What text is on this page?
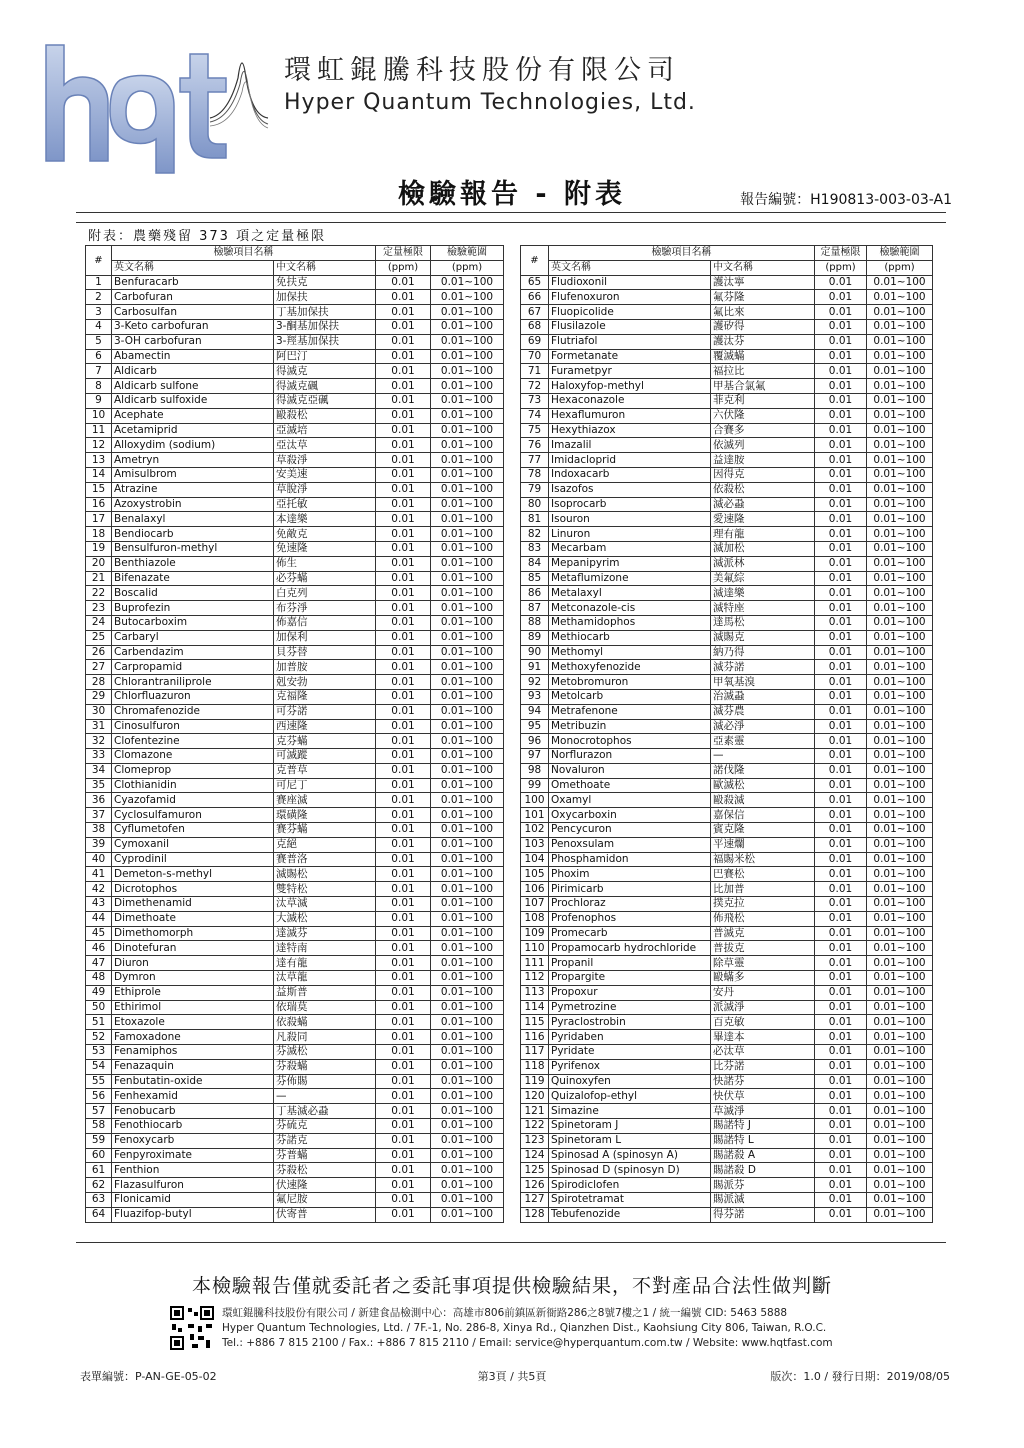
環虹錕騰科技股份有限公司
Hyper Quantum Technologies, Ltd.
檢驗報告 - 附表	報告編號：H190813-003-03-A1
附表：農藥殘留 373 項之定量極限
#	檢驗項目名稱		定量極限	檢驗範圍
	英文名稱	中文名稱	(ppm)	(ppm)
1	Benfuracarb	免扶克	0.01	0.01~100
2	Carbofuran	加保扶	0.01	0.01~100
3	Carbosulfan	丁基加保扶	0.01	0.01~100
4	3-Keto carbofuran	3-酮基加保扶	0.01	0.01~100
5	3-OH carbofuran	3-羥基加保扶	0.01	0.01~100
6	Abamectin	阿巴汀	0.01	0.01~100
7	Aldicarb	得滅克	0.01	0.01~100
8	Aldicarb sulfone	得滅克碸	0.01	0.01~100
9	Aldicarb sulfoxide	得滅克亞碸	0.01	0.01~100
10	Acephate	毆殺松	0.01	0.01~100
11	Acetamiprid	亞滅培	0.01	0.01~100
12	Alloxydim (sodium)	亞汰草	0.01	0.01~100
13	Ametryn	草殺淨	0.01	0.01~100
14	Amisulbrom	安美速	0.01	0.01~100
15	Atrazine	草脫淨	0.01	0.01~100
16	Azoxystrobin	亞托敏	0.01	0.01~100
17	Benalaxyl	本達樂	0.01	0.01~100
18	Bendiocarb	免敵克	0.01	0.01~100
19	Bensulfuron-methyl	免速隆	0.01	0.01~100
20	Benthiazole	佈生	0.01	0.01~100
21	Bifenazate	必芬蟎	0.01	0.01~100
22	Boscalid	白克列	0.01	0.01~100
23	Buprofezin	布芬淨	0.01	0.01~100
24	Butocarboxim	佈嘉信	0.01	0.01~100
25	Carbaryl	加保利	0.01	0.01~100
26	Carbendazim	貝芬替	0.01	0.01~100
27	Carpropamid	加普胺	0.01	0.01~100
28	Chlorantraniliprole	剋安勃	0.01	0.01~100
29	Chlorfluazuron	克福隆	0.01	0.01~100
30	Chromafenozide	可芬諾	0.01	0.01~100
31	Cinosulfuron	西速隆	0.01	0.01~100
32	Clofentezine	克芬蟎	0.01	0.01~100
33	Clomazone	可滅蹤	0.01	0.01~100
34	Clomeprop	克普草	0.01	0.01~100
35	Clothianidin	可尼丁	0.01	0.01~100
36	Cyazofamid	賽座滅	0.01	0.01~100
37	Cyclosulfamuron	環磺隆	0.01	0.01~100
38	Cyflumetofen	賽芬蟎	0.01	0.01~100
39	Cymoxanil	克絕	0.01	0.01~100
40	Cyprodinil	賽普洛	0.01	0.01~100
41	Demeton-s-methyl	滅賜松	0.01	0.01~100
42	Dicrotophos	雙特松	0.01	0.01~100
43	Dimethenamid	汰草滅	0.01	0.01~100
44	Dimethoate	大滅松	0.01	0.01~100
45	Dimethomorph	達滅芬	0.01	0.01~100
46	Dinotefuran	達特南	0.01	0.01~100
47	Diuron	達有龍	0.01	0.01~100
48	Dymron	汰草龍	0.01	0.01~100
49	Ethiprole	益斯普	0.01	0.01~100
50	Ethirimol	依瑞莫	0.01	0.01~100
51	Etoxazole	依殺蟎	0.01	0.01~100
52	Famoxadone	凡殺同	0.01	0.01~100
53	Fenamiphos	芬滅松	0.01	0.01~100
54	Fenazaquin	芬殺蟎	0.01	0.01~100
55	Fenbutatin-oxide	芬佈賜	0.01	0.01~100
56	Fenhexamid	—	0.01	0.01~100
57	Fenobucarb	丁基滅必蝨	0.01	0.01~100
58	Fenothiocarb	芬硫克	0.01	0.01~100
59	Fenoxycarb	芬諾克	0.01	0.01~100
60	Fenpyroximate	芬普蟎	0.01	0.01~100
61	Fenthion	芬殺松	0.01	0.01~100
62	Flazasulfuron	伏速隆	0.01	0.01~100
63	Flonicamid	氟尼胺	0.01	0.01~100
64	Fluazifop-butyl	伏寄普	0.01	0.01~100
#	檢驗項目名稱		定量極限	檢驗範圍
	英文名稱	中文名稱	(ppm)	(ppm)
65	Fludioxonil	護汰寧	0.01	0.01~100
66	Flufenoxuron	氟芬隆	0.01	0.01~100
67	Fluopicolide	氟比來	0.01	0.01~100
68	Flusilazole	護矽得	0.01	0.01~100
69	Flutriafol	護汰芬	0.01	0.01~100
70	Formetanate	覆滅蟎	0.01	0.01~100
71	Furametpyr	福拉比	0.01	0.01~100
72	Haloxyfop-methyl	甲基合氯氟	0.01	0.01~100
73	Hexaconazole	菲克利	0.01	0.01~100
74	Hexaflumuron	六伏隆	0.01	0.01~100
75	Hexythiazox	合賽多	0.01	0.01~100
76	Imazalil	依滅列	0.01	0.01~100
77	Imidacloprid	益達胺	0.01	0.01~100
78	Indoxacarb	因得克	0.01	0.01~100
79	Isazofos	依殺松	0.01	0.01~100
80	Isoprocarb	滅必蝨	0.01	0.01~100
81	Isouron	愛速隆	0.01	0.01~100
82	Linuron	理有龍	0.01	0.01~100
83	Mecarbam	滅加松	0.01	0.01~100
84	Mepanipyrim	滅派林	0.01	0.01~100
85	Metaflumizone	美氟綜	0.01	0.01~100
86	Metalaxyl	滅達樂	0.01	0.01~100
87	Metconazole-cis	滅特座	0.01	0.01~100
88	Methamidophos	達馬松	0.01	0.01~100
89	Methiocarb	滅賜克	0.01	0.01~100
90	Methomyl	納乃得	0.01	0.01~100
91	Methoxyfenozide	滅芬諾	0.01	0.01~100
92	Metobromuron	甲氧基溴	0.01	0.01~100
93	Metolcarb	治滅蝨	0.01	0.01~100
94	Metrafenone	滅芬農	0.01	0.01~100
95	Metribuzin	滅必淨	0.01	0.01~100
96	Monocrotophos	亞素靈	0.01	0.01~100
97	Norflurazon	—	0.01	0.01~100
98	Novaluron	諾伐隆	0.01	0.01~100
99	Omethoate	歐滅松	0.01	0.01~100
100	Oxamyl	毆殺滅	0.01	0.01~100
101	Oxycarboxin	嘉保信	0.01	0.01~100
102	Pencycuron	賓克隆	0.01	0.01~100
103	Penoxsulam	平速爛	0.01	0.01~100
104	Phosphamidon	福賜米松	0.01	0.01~100
105	Phoxim	巴賽松	0.01	0.01~100
106	Pirimicarb	比加普	0.01	0.01~100
107	Prochloraz	撲克拉	0.01	0.01~100
108	Profenophos	佈飛松	0.01	0.01~100
109	Promecarb	普滅克	0.01	0.01~100
110	Propamocarb hydrochloride	普拔克	0.01	0.01~100
111	Propanil	除草靈	0.01	0.01~100
112	Propargite	毆蟎多	0.01	0.01~100
113	Propoxur	安丹	0.01	0.01~100
114	Pymetrozine	派滅淨	0.01	0.01~100
115	Pyraclostrobin	百克敏	0.01	0.01~100
116	Pyridaben	畢達本	0.01	0.01~100
117	Pyridate	必汰草	0.01	0.01~100
118	Pyrifenox	比芬諾	0.01	0.01~100
119	Quinoxyfen	快諾芬	0.01	0.01~100
120	Quizalofop-ethyl	快伏草	0.01	0.01~100
121	Simazine	草滅淨	0.01	0.01~100
122	Spinetoram J	賜諾特 J	0.01	0.01~100
123	Spinetoram L	賜諾特 L	0.01	0.01~100
124	Spinosad A (spinosyn A)	賜諾殺 A	0.01	0.01~100
125	Spinosad D (spinosyn D)	賜諾殺 D	0.01	0.01~100
126	Spirodiclofen	賜派芬	0.01	0.01~100
127	Spirotetramat	賜派滅	0.01	0.01~100
128	Tebufenozide	得芬諾	0.01	0.01~100
本檢驗報告僅就委託者之委託事項提供檢驗結果，不對產品合法性做判斷
環虹錕騰科技股份有限公司 / 新建食品檢測中心：高雄市806前鎮區新衙路286之8號7樓之1 / 統一編號 CID: 5463 5888
Hyper Quantum Technologies, Ltd. / 7F.-1, No. 286-8, Xinya Rd., Qianzhen Dist., Kaohsiung City 806, Taiwan, R.O.C.
Tel.: +886 7 815 2100 / Fax.: +886 7 815 2110 / Email: service@hyperquantum.com.tw / Website: www.hqtfast.com
表單編號：P-AN-GE-05-02	第3頁 / 共5頁	版次：1.0 / 發行日期：2019/08/05
